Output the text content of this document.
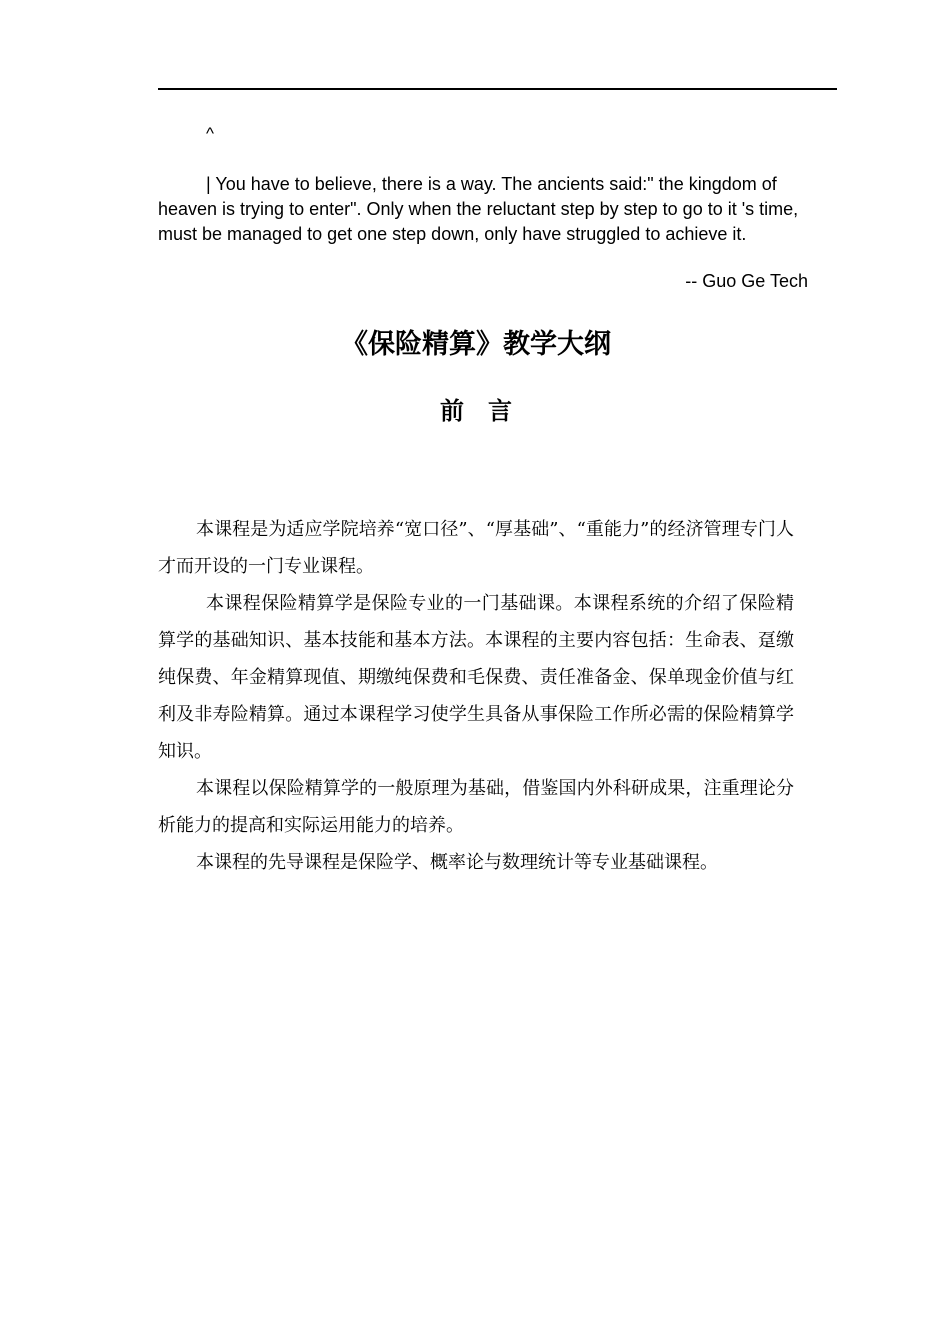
^

| You have to believe, there is a way. The ancients said:" the kingdom of heaven is trying to enter". Only when the reluctant step by step to go to it 's time, must be managed to get one step down, only have struggled to achieve it.

-- Guo Ge Tech
《保险精算》教学大纲
前　言

本课程是为适应学院培养“宽口径”、“厚基础”、“重能力”的经济管理专门人才而开设的一门专业课程。

本课程保险精算学是保险专业的一门基础课。本课程系统的介绍了保险精算学的基础知识、基本技能和基本方法。本课程的主要内容包括：生命表、趸缴纯保费、年金精算现值、期缴纯保费和毛保费、责任准备金、保单现金价值与红利及非寿险精算。通过本课程学习使学生具备从事保险工作所必需的保险精算学知识。

本课程以保险精算学的一般原理为基础，借鉴国内外科研成果，注重理论分析能力的提高和实际运用能力的培养。

本课程的先导课程是保险学、概率论与数理统计等专业基础课程。
